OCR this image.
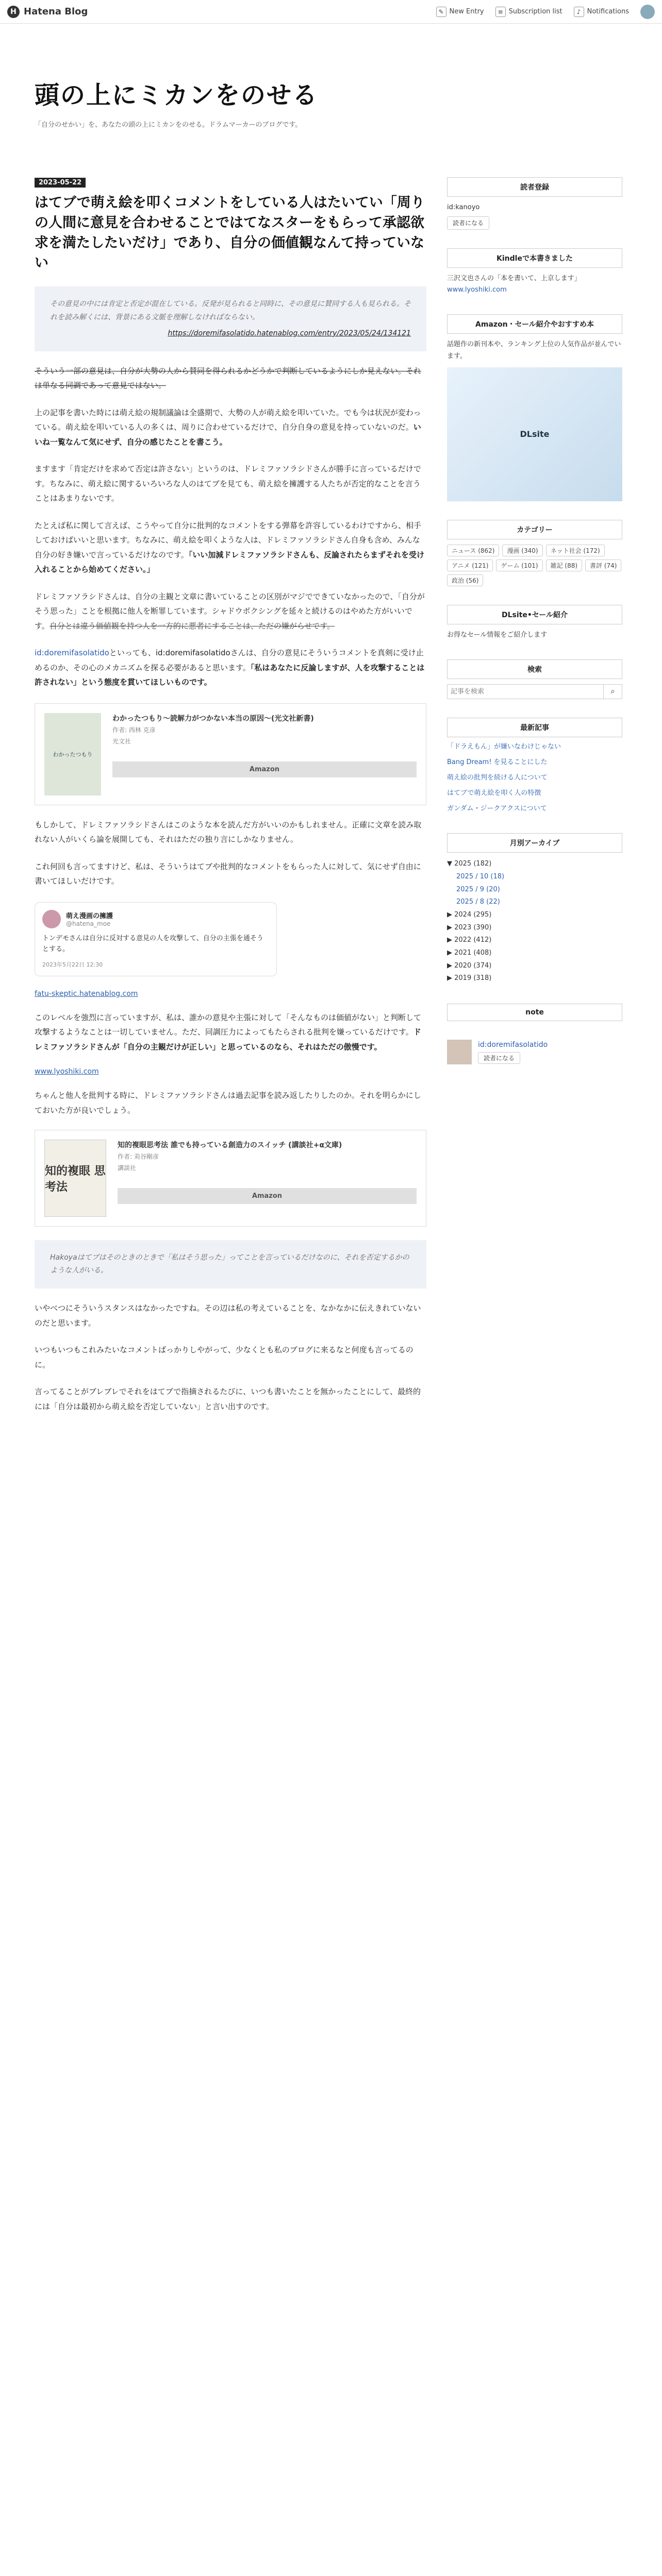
H Hatena Blog	✎ New Entry	≡ Subscription list	♪ Notifications
頭の上にミカンをのせる
「自分のせかい」を、あなたの頭の上にミカンをのせる。ドラムマーカーのブログです。
2023-05-22
はてブで萌え絵を叩くコメントをしている人はたいてい「周りの人間に意見を合わせることではてなスターをもらって承認欲求を満たしたいだけ」であり、自分の価値観なんて持っていない
その意見の中には肯定と否定が混在している。反発が見られると同時に、その意見に賛同する人も見られる。それを読み解くには、背景にある文脈を理解しなければならない。
https://doremifasolatido.hatenablog.com/entry/2023/05/24/134121

そういう一部の意見は、自分が大勢の人から賛同を得られるかどうかで判断しているようにしか見えない。それは単なる同調であって意見ではない。

上の記事を書いた時には萌え絵の規制議論は全盛期で、大勢の人が萌え絵を叩いていた。でも今は状況が変わっている。萌え絵を叩いている人の多くは、周りに合わせているだけで、自分自身の意見を持っていないのだ。いいね一覧なんて気にせず、自分の感じたことを書こう。

ますます「肯定だけを求めて否定は許さない」というのは、ドレミファソラシドさんが勝手に言っているだけです。ちなみに、萌え絵に関するいろいろな人のはてブを見ても、萌え絵を擁護する人たちが否定的なことを言うことはあまりないです。

たとえば私に関して言えば、こうやって自分に批判的なコメントをする弾幕を許容しているわけですから、相手しておけばいいと思います。ちなみに、萌え絵を叩くような人は、ドレミファソラシドさん自身も含め、みんな自分の好き嫌いで言っているだけなのです。「いい加減ドレミファソラシドさんも、反論されたらまずそれを受け入れることから始めてください。」

ドレミファソラシドさんは、自分の主観と文章に書いていることの区別がマジでできていなかったので、「自分がそう思った」ことを根拠に他人を断罪しています。シャドウボクシングを延々と続けるのはやめた方がいいです。自分とは違う価値観を持つ人を一方的に悪者にすることは、ただの嫌がらせです。

id:doremifasolatidoといっても、id:doremifasolatidoさんは、自分の意見にそういうコメントを真剣に受け止めるのか、その心のメカニズムを探る必要があると思います。「私はあなたに反論しますが、人を攻撃することは許されない」という態度を貫いてほしいものです。

わかったつもり
わかったつもり～読解力がつかない本当の原因～(光文社新書)
作者: 西林 克彦
光文社
Amazon

もしかして、ドレミファソラシドさんはこのような本を読んだ方がいいのかもしれません。正確に文章を読み取れない人がいくら論を展開しても、それはただの独り言にしかなりません。

これ何回も言ってますけど、私は、そういうはてブや批判的なコメントをもらった人に対して、気にせず自由に書いてほしいだけです。

萌え漫画の擁護
@hatena_moe
トンデモさんは自分に反対する意見の人を攻撃して、自分の主張を通そうとする。
2023年5月22日 12:30
fatu-skeptic.hatenablog.com

このレベルを強烈に言っていますが、私は、誰かの意見や主張に対して「そんなものは価値がない」と判断して攻撃するようなことは一切していません。ただ、同調圧力によってもたらされる批判を嫌っているだけです。ドレミファソラシドさんが「自分の主観だけが正しい」と思っているのなら、それはただの傲慢です。

www.lyoshiki.com

ちゃんと他人を批判する時に、ドレミファソラシドさんは過去記事を読み返したりしたのか。それを明らかにしておいた方が良いでしょう。

知的複眼 思考法
知的複眼思考法 誰でも持っている創造力のスイッチ (講談社+α文庫)
作者: 苅谷剛彦
講談社
Amazon
Hakoyaはてブはそのときのときで「私はそう思った」ってことを言っているだけなのに、それを否定するかのような人がいる。

いやべつにそういうスタンスはなかったですね。その辺は私の考えていることを、なかなかに伝えきれていないのだと思います。

いつもいつもこれみたいなコメントばっかりしやがって、少なくとも私のブログに来るなと何度も言ってるのに。

言ってることがブレブレでそれをはてブで指摘されるたびに、いつも書いたことを無かったことにして、最終的には「自分は最初から萌え絵を否定していない」と言い出すのです。

読者登録
id:kanoyo
読者になる
Kindleで本書きました
三沢文也さんの「本を書いて、上京します」
www.lyoshiki.com
Amazon・セール紹介やおすすめ本
話題作の新刊本や、ランキング上位の人気作品が並んでいます。
DLsite
カテゴリー
ニュース (862)	漫画 (340)	ネット社会 (172)
アニメ (121)	ゲーム (101)	雑記 (88)	書評 (74)
政治 (56)
DLsite•セール紹介
お得なセール情報をご紹介します
検索
記事を検索
⌕
最新記事
「ドラえもん」が嫌いなわけじゃない
Bang Dream! を見ることにした
萌え絵の批判を続ける人について
はてブで萌え絵を叩く人の特徴
ガンダム・ジークアクスについて
月別アーカイブ
▼ 2025 (182)
2025 / 10 (18)
2025 / 9 (20)
2025 / 8 (22)
▶ 2024 (295)
▶ 2023 (390)
▶ 2022 (412)
▶ 2021 (408)
▶ 2020 (374)
▶ 2019 (318)
note
id:doremifasolatido
読者になる
